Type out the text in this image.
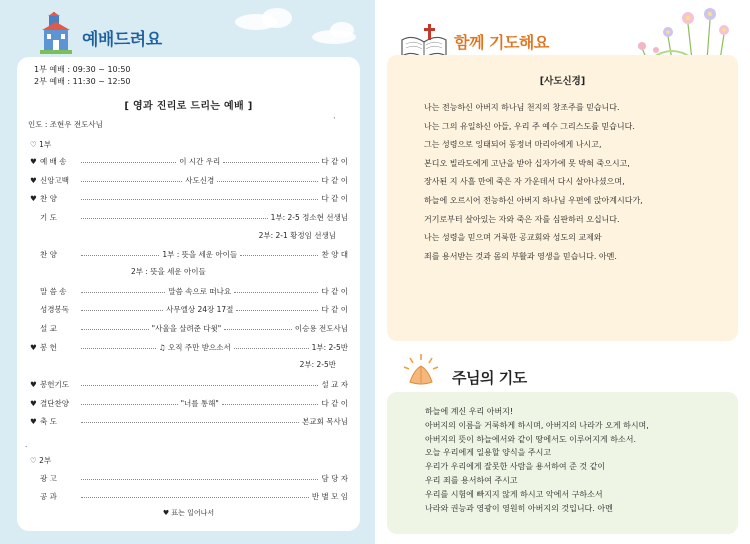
예배드려요
1부 예배 : 09:30 ~ 10:50
2부 예배 : 11:30 ~ 12:50
[ 영과 진리로 드리는 예배 ]
인도 : 조현우 전도사님	`
♡ 1부
♥ 예 배 송	이 시간 우리	다 같 이
♥ 신앙고백	사도신경	다 같 이
♥ 찬 양	다 같 이
기 도	1부: 2-5 정소현 선생님
2부: 2-1 황정임 선생님
찬 양	1부 : 뜻을 세운 아이들	찬 양 대
2부 : 뜻을 세운 아이들
말 씀 송	말씀 속으로 떠나요	다 같 이
성경봉독	사무엘상 24장 17절	다 같 이
설 교	"사울을 살려준 다윗"	이승용 전도사님
♥ 봉 헌	♫ 오직 주만 받으소서	1부: 2-5반
2부: 2-5반
♥ 봉헌기도	설 교 자
♥ 결단찬양	"너를 통해"	다 같 이
♥ 축 도	본교회 목사님
.
♡ 2부
광 고	담 당 자
공 과	반 별 모 임
♥ 표는 일어나서
함께 기도해요
[사도신경]
나는 전능하신 아버지 하나님 천지의 창조주를 믿습니다.
나는 그의 유일하신 아들, 우리 주 예수 그리스도를 믿습니다.
그는 성령으로 잉태되어 동정녀 마리아에게 나시고,
본디오 빌라도에게 고난을 받아 십자가에 못 박혀 죽으시고,
장사된 지 사흘 만에 죽은 자 가운데서 다시 살아나셨으며,
하늘에 오르시어 전능하신 아버지 하나님 우편에 앉아계시다가,
거기로부터 살아있는 자와 죽은 자를 심판하러 오십니다.
나는 성령을 믿으며 거룩한 공교회와 성도의 교제와
죄를 용서받는 것과 몸의 부활과 영생을 믿습니다. 아멘.
주님의 기도
하늘에 계신 우리 아버지!
아버지의 이름을 거룩하게 하시며, 아버지의 나라가 오게 하시며,
아버지의 뜻이 하늘에서와 같이 땅에서도 이루어지게 하소서.
오늘 우리에게 일용할 양식을 주시고
우리가 우리에게 잘못한 사람을 용서하여 준 것 같이
우리 죄를 용서하여 주시고
우리를 시험에 빠지지 않게 하시고 악에서 구하소서
나라와 권능과 영광이 영원히 아버지의 것입니다. 아멘
